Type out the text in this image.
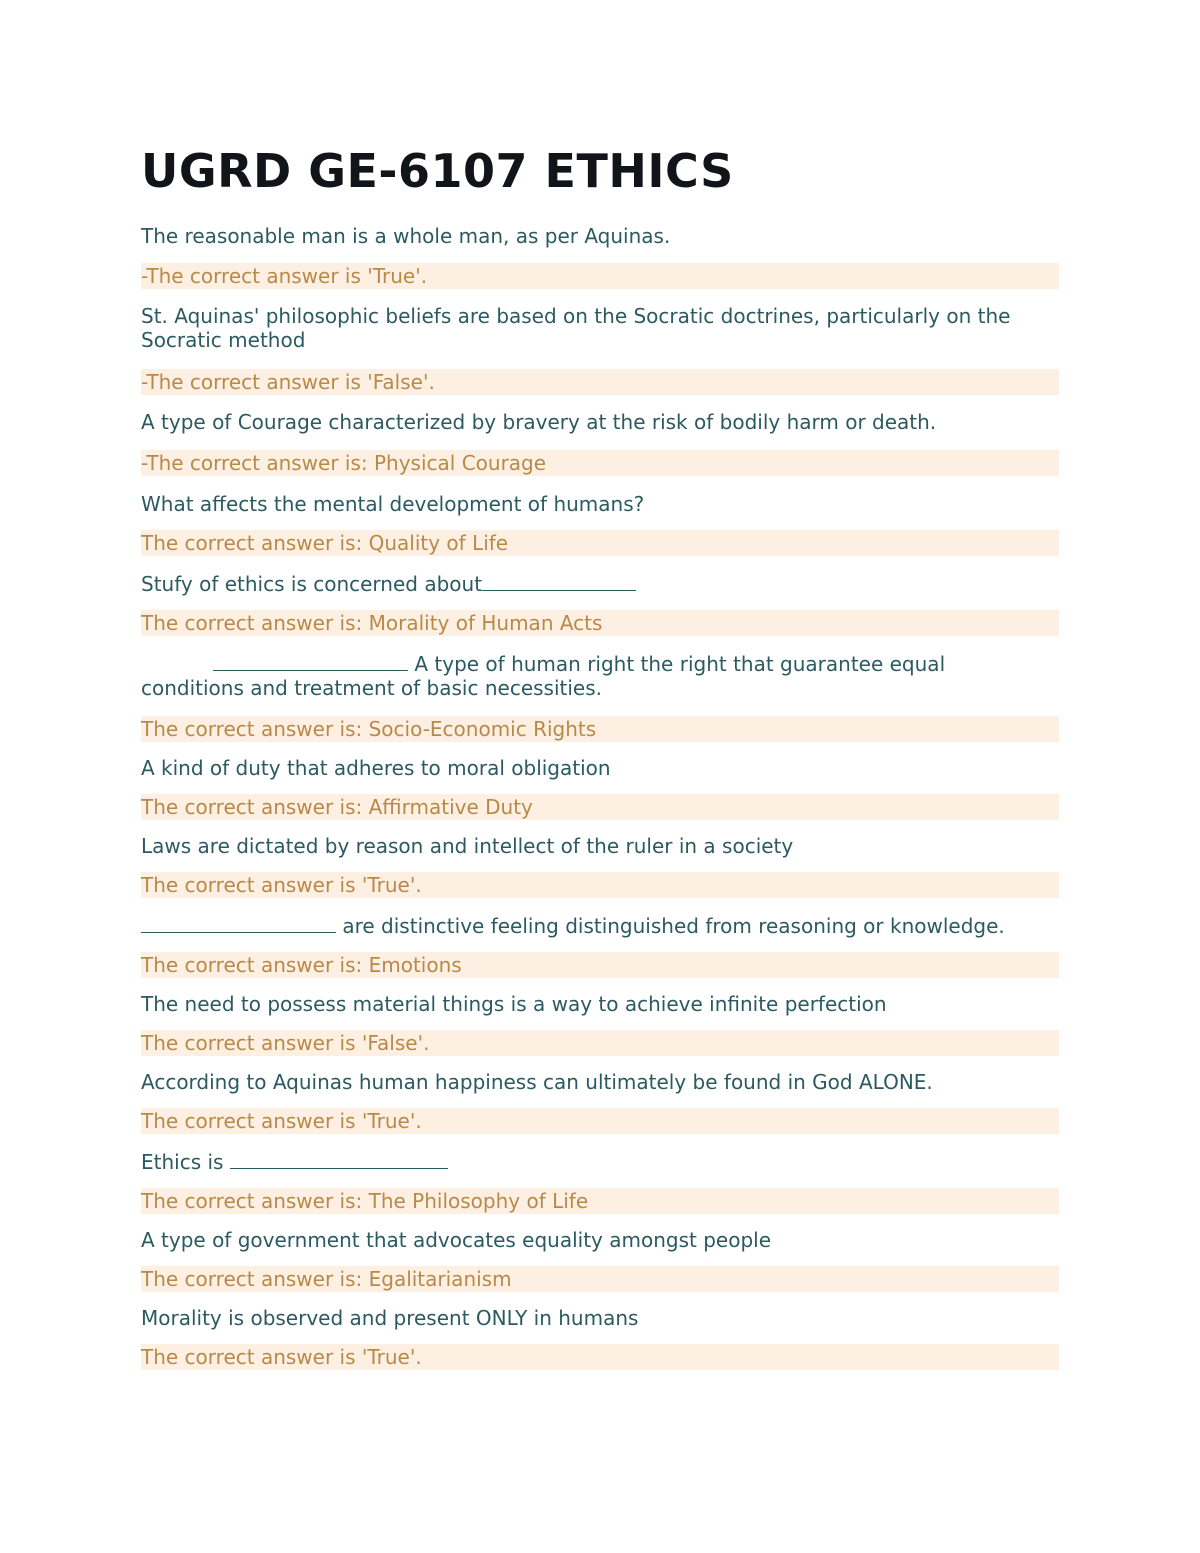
UGRD GE-6107 ETHICS

The reasonable man is a whole man, as per Aquinas.

-The correct answer is 'True'.

St. Aquinas' philosophic beliefs are based on the Socratic doctrines, particularly on the Socratic method

-The correct answer is 'False'.

A type of Courage characterized by bravery at the risk of bodily harm or death.

-The correct answer is: Physical Courage

What affects the mental development of humans?

The correct answer is: Quality of Life

Stufy of ethics is concerned about

The correct answer is: Morality of Human Acts

A type of human right the right that guarantee equal conditions and treatment of basic necessities.

The correct answer is: Socio-Economic Rights

A kind of duty that adheres to moral obligation

The correct answer is: Affirmative Duty

Laws are dictated by reason and intellect of the ruler in a society

The correct answer is 'True'.

are distinctive feeling distinguished from reasoning or knowledge.

The correct answer is: Emotions

The need to possess material things is a way to achieve infinite perfection

The correct answer is 'False'.

According to Aquinas human happiness can ultimately be found in God ALONE.

The correct answer is 'True'.

Ethics is

The correct answer is: The Philosophy of Life

A type of government that advocates equality amongst people

The correct answer is: Egalitarianism

Morality is observed and present ONLY in humans

The correct answer is 'True'.
